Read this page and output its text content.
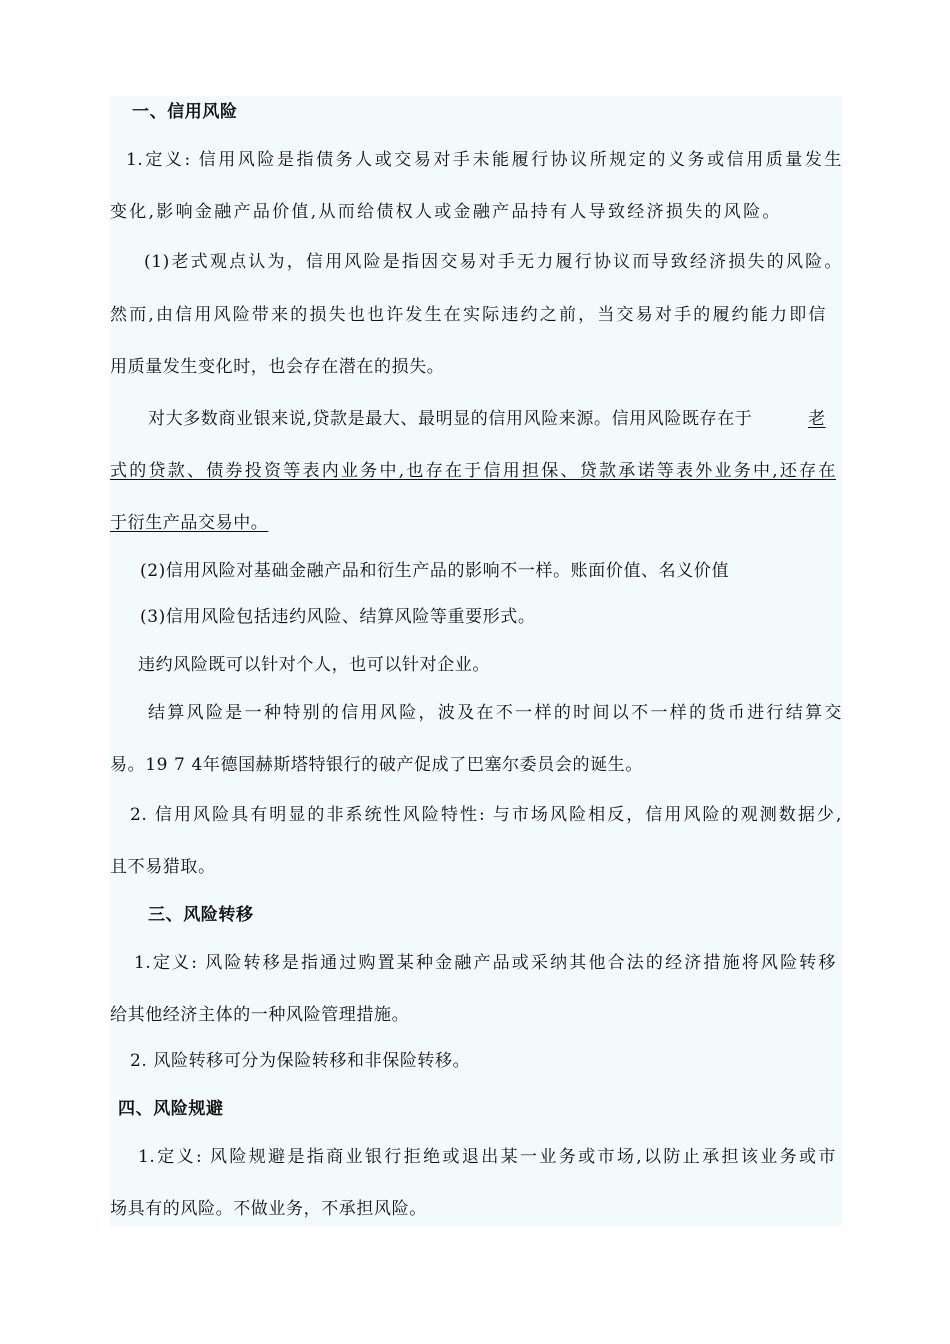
一、信用风险
1.定义: 信用风险是指债务人或交易对手未能履行协议所规定的义务或信用质量发生
变化,影响金融产品价值,从而给债权人或金融产品持有人导致经济损失的风险。
(1)老式观点认为，信用风险是指因交易对手无力履行协议而导致经济损失的风险。
然而,由信用风险带来的损失也也许发生在实际违约之前，当交易对手的履约能力即信
用质量发生变化时，也会存在潜在的损失。
对大多数商业银来说,贷款是最大、最明显的信用风险来源。信用风险既存在于	老
式的贷款、债券投资等表内业务中,也存在于信用担保、贷款承诺等表外业务中,还存在
于衍生产品交易中。
(2)信用风险对基础金融产品和衍生产品的影响不一样。账面价值、名义价值
(3)信用风险包括违约风险、结算风险等重要形式。
违约风险既可以针对个人，也可以针对企业。
结算风险是一种特别的信用风险，波及在不一样的时间以不一样的货币进行结算交
易。19 7 4年德国赫斯塔特银行的破产促成了巴塞尔委员会的诞生。
2. 信用风险具有明显的非系统性风险特性: 与市场风险相反，信用风险的观测数据少,
且不易猎取。
三、风险转移
1.定义: 风险转移是指通过购置某种金融产品或采纳其他合法的经济措施将风险转移
给其他经济主体的一种风险管理措施。
2. 风险转移可分为保险转移和非保险转移。
四、风险规避
1.定义: 风险规避是指商业银行拒绝或退出某一业务或市场,以防止承担该业务或市
场具有的风险。不做业务，不承担风险。
